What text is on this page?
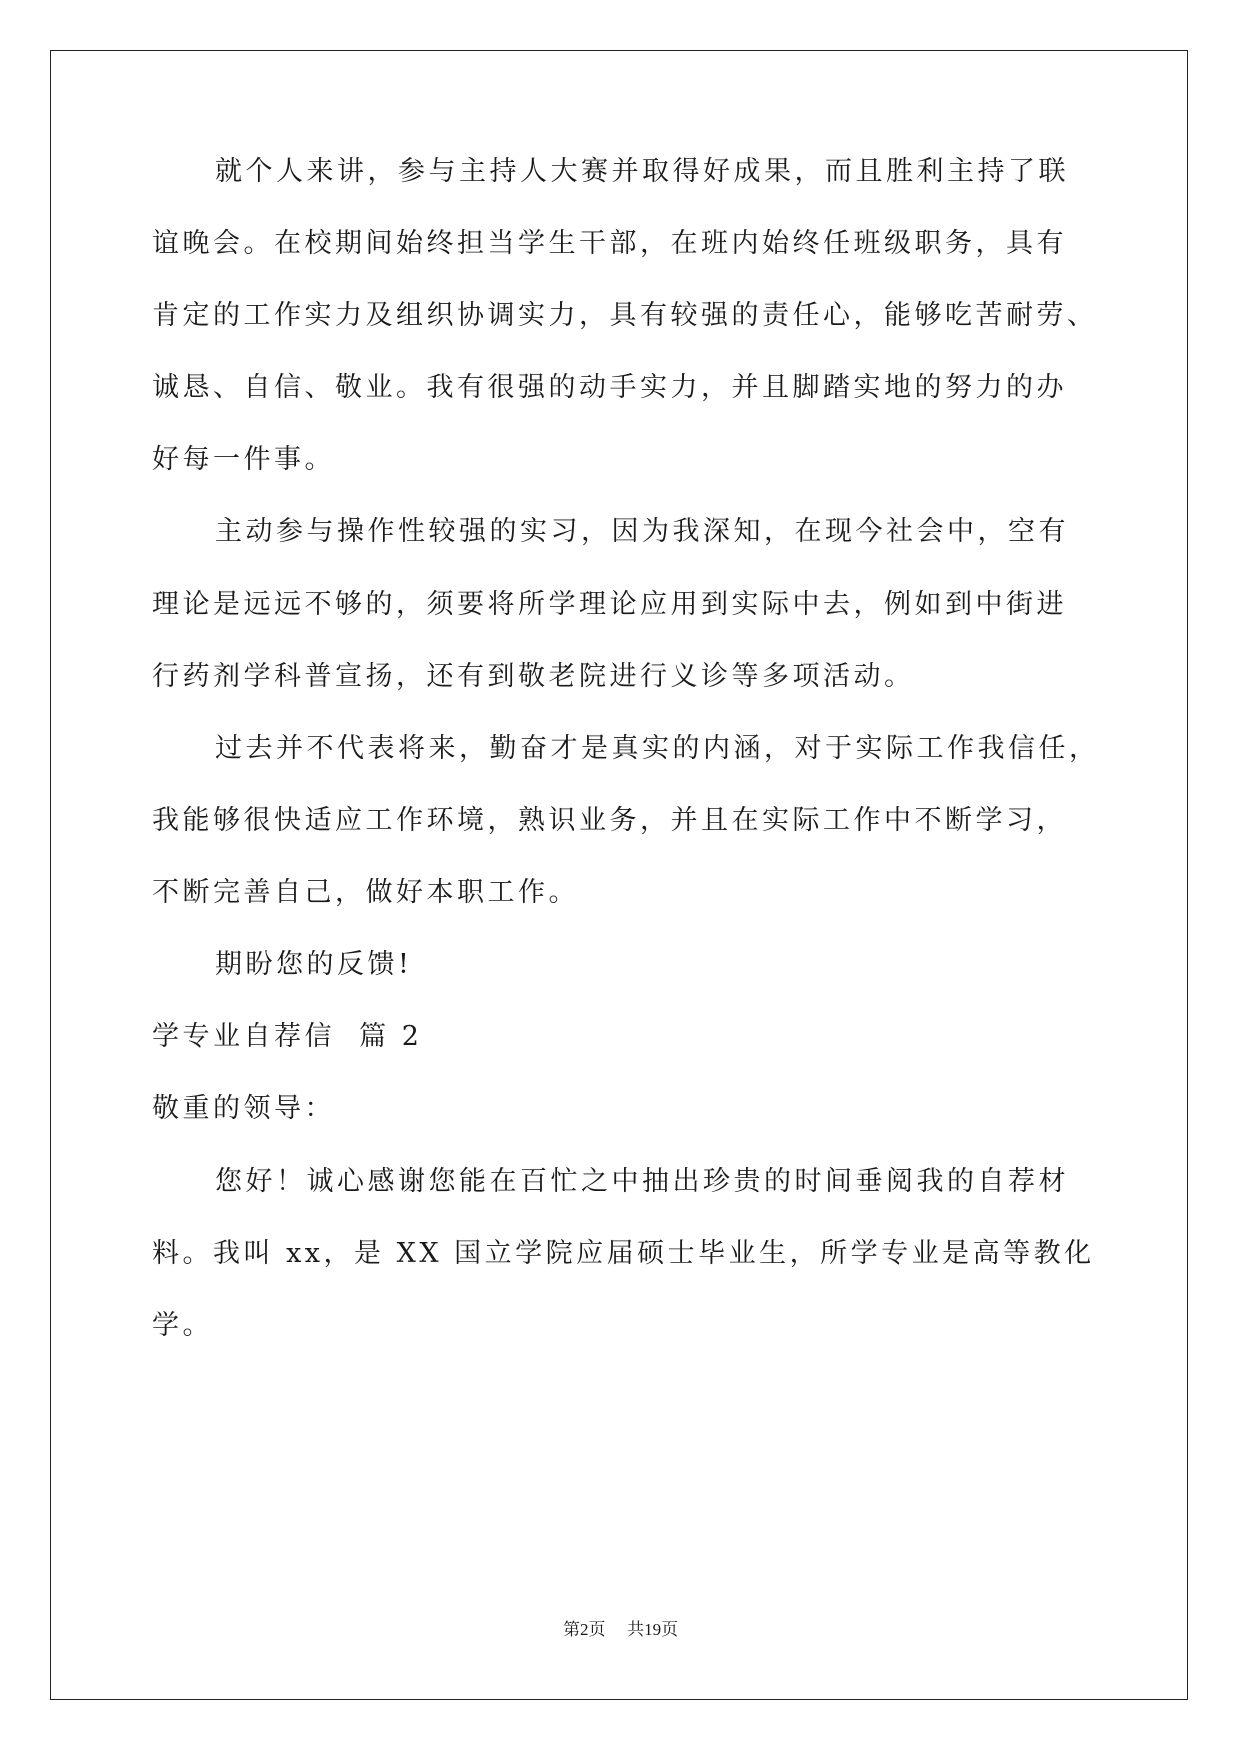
就个人来讲，参与主持人大赛并取得好成果，而且胜利主持了联
谊晚会。在校期间始终担当学生干部，在班内始终任班级职务，具有
肯定的工作实力及组织协调实力，具有较强的责任心，能够吃苦耐劳、
诚恳、自信、敬业。我有很强的动手实力，并且脚踏实地的努力的办
好每一件事。
主动参与操作性较强的实习，因为我深知，在现今社会中，空有
理论是远远不够的，须要将所学理论应用到实际中去，例如到中街进
行药剂学科普宣扬，还有到敬老院进行义诊等多项活动。
过去并不代表将来，勤奋才是真实的内涵，对于实际工作我信任，
我能够很快适应工作环境，熟识业务，并且在实际工作中不断学习，
不断完善自己，做好本职工作。
期盼您的反馈!
学专业自荐信  篇 2
敬重的领导：
您好！诚心感谢您能在百忙之中抽出珍贵的时间垂阅我的自荐材
料。我叫 xx，是 XX 国立学院应届硕士毕业生，所学专业是高等教化
学。
第2页 共19页
